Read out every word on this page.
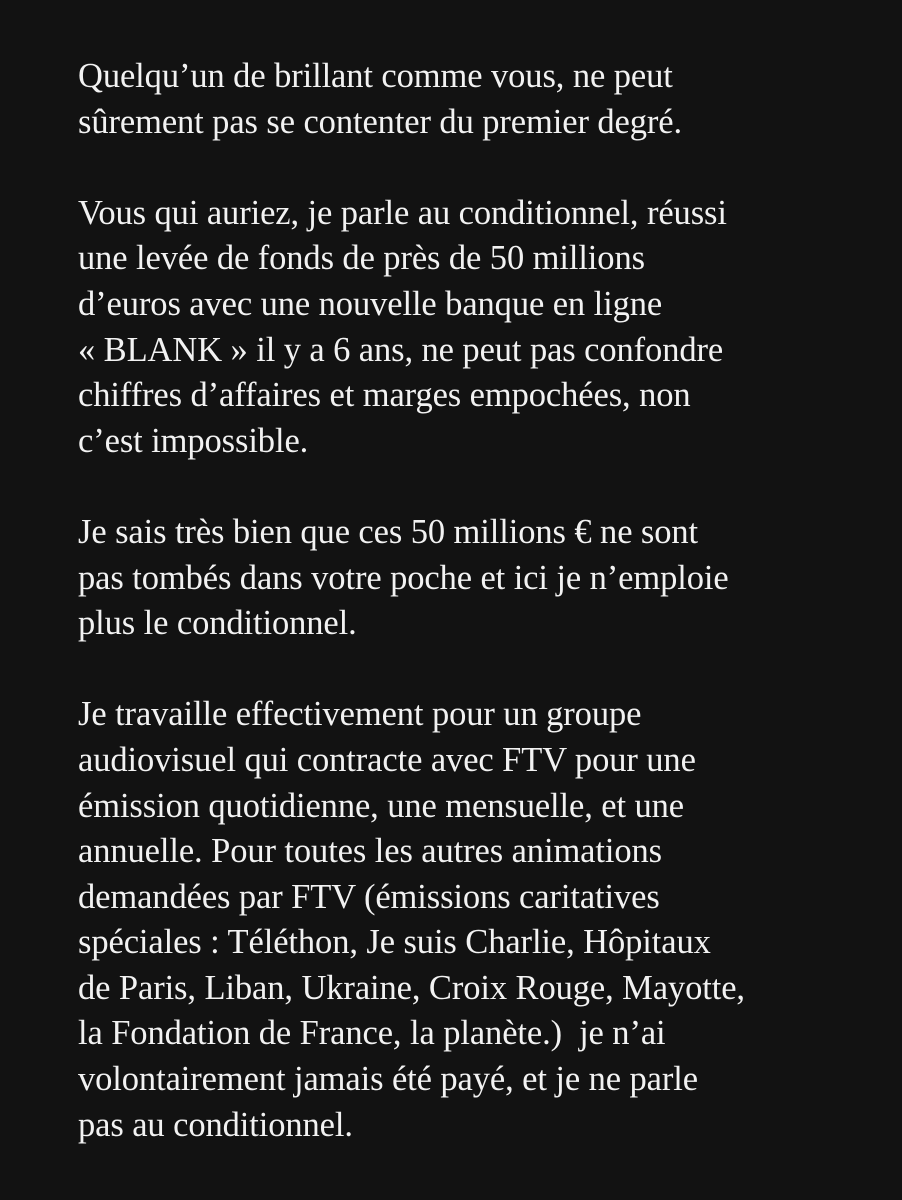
Quelqu’un de brillant comme vous, ne peut
sûrement pas se contenter du premier degré.

Vous qui auriez, je parle au conditionnel, réussi
une levée de fonds de près de 50 millions
d’euros avec une nouvelle banque en ligne
« BLANK » il y a 6 ans, ne peut pas confondre
chiffres d’affaires et marges empochées, non
c’est impossible.

Je sais très bien que ces 50 millions € ne sont
pas tombés dans votre poche et ici je n’emploie
plus le conditionnel.

Je travaille effectivement pour un groupe
audiovisuel qui contracte avec FTV pour une
émission quotidienne, une mensuelle, et une
annuelle. Pour toutes les autres animations
demandées par FTV (émissions caritatives
spéciales : Téléthon, Je suis Charlie, Hôpitaux
de Paris, Liban, Ukraine, Croix Rouge, Mayotte,
la Fondation de France, la planète.)  je n’ai
volontairement jamais été payé, et je ne parle
pas au conditionnel.
